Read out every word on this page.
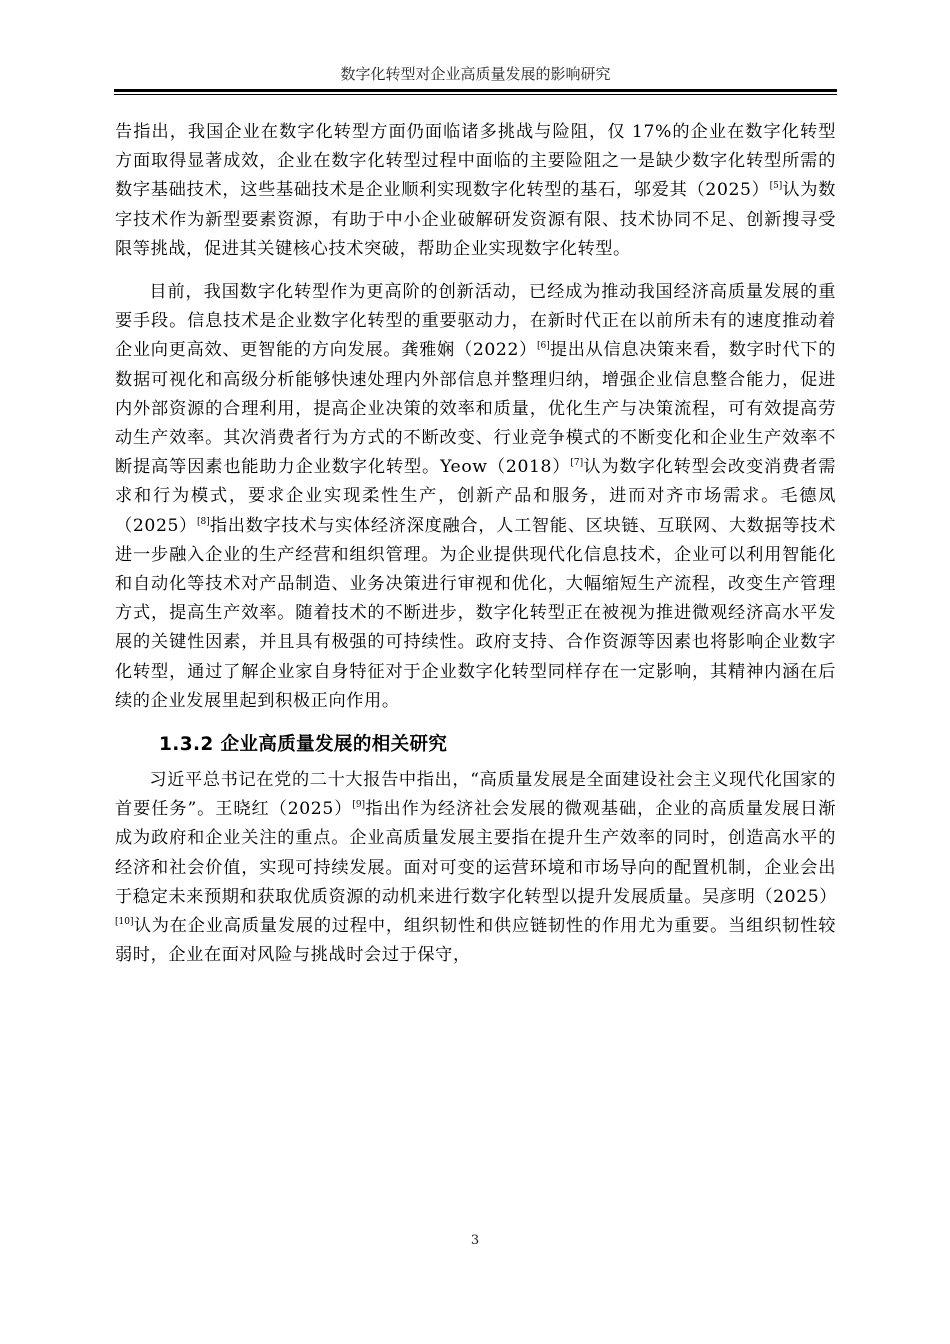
数字化转型对企业高质量发展的影响研究

告指出，我国企业在数字化转型方面仍面临诸多挑战与险阻，仅 17%的企业在数字化转型方面取得显著成效，企业在数字化转型过程中面临的主要险阻之一是缺少数字化转型所需的数字基础技术，这些基础技术是企业顺利实现数字化转型的基石，邬爱其（2025）[5]认为数字技术作为新型要素资源，有助于中小企业破解研发资源有限、技术协同不足、创新搜寻受限等挑战，促进其关键核心技术突破，帮助企业实现数字化转型。

目前，我国数字化转型作为更高阶的创新活动，已经成为推动我国经济高质量发展的重要手段。信息技术是企业数字化转型的重要驱动力，在新时代正在以前所未有的速度推动着企业向更高效、更智能的方向发展。龚雅娴（2022）[6]提出从信息决策来看，数字时代下的数据可视化和高级分析能够快速处理内外部信息并整理归纳，增强企业信息整合能力，促进内外部资源的合理利用，提高企业决策的效率和质量，优化生产与决策流程，可有效提高劳动生产效率。其次消费者行为方式的不断改变、行业竞争模式的不断变化和企业生产效率不断提高等因素也能助力企业数字化转型。Yeow（2018）[7]认为数字化转型会改变消费者需求和行为模式，要求企业实现柔性生产，创新产品和服务，进而对齐市场需求。毛德凤（2025）[8]指出数字技术与实体经济深度融合，人工智能、区块链、互联网、大数据等技术进一步融入企业的生产经营和组织管理。为企业提供现代化信息技术，企业可以利用智能化和自动化等技术对产品制造、业务决策进行审视和优化，大幅缩短生产流程，改变生产管理方式，提高生产效率。随着技术的不断进步，数字化转型正在被视为推进微观经济高水平发展的关键性因素，并且具有极强的可持续性。政府支持、合作资源等因素也将影响企业数字化转型，通过了解企业家自身特征对于企业数字化转型同样存在一定影响，其精神内涵在后续的企业发展里起到积极正向作用。

1.3.2 企业高质量发展的相关研究

习近平总书记在党的二十大报告中指出，“高质量发展是全面建设社会主义现代化国家的首要任务”。王晓红（2025）[9]指出作为经济社会发展的微观基础，企业的高质量发展日渐成为政府和企业关注的重点。企业高质量发展主要指在提升生产效率的同时，创造高水平的经济和社会价值，实现可持续发展。面对可变的运营环境和市场导向的配置机制，企业会出于稳定未来预期和获取优质资源的动机来进行数字化转型以提升发展质量。吴彦明（2025）[10]认为在企业高质量发展的过程中，组织韧性和供应链韧性的作用尤为重要。当组织韧性较弱时，企业在面对风险与挑战时会过于保守，

3
